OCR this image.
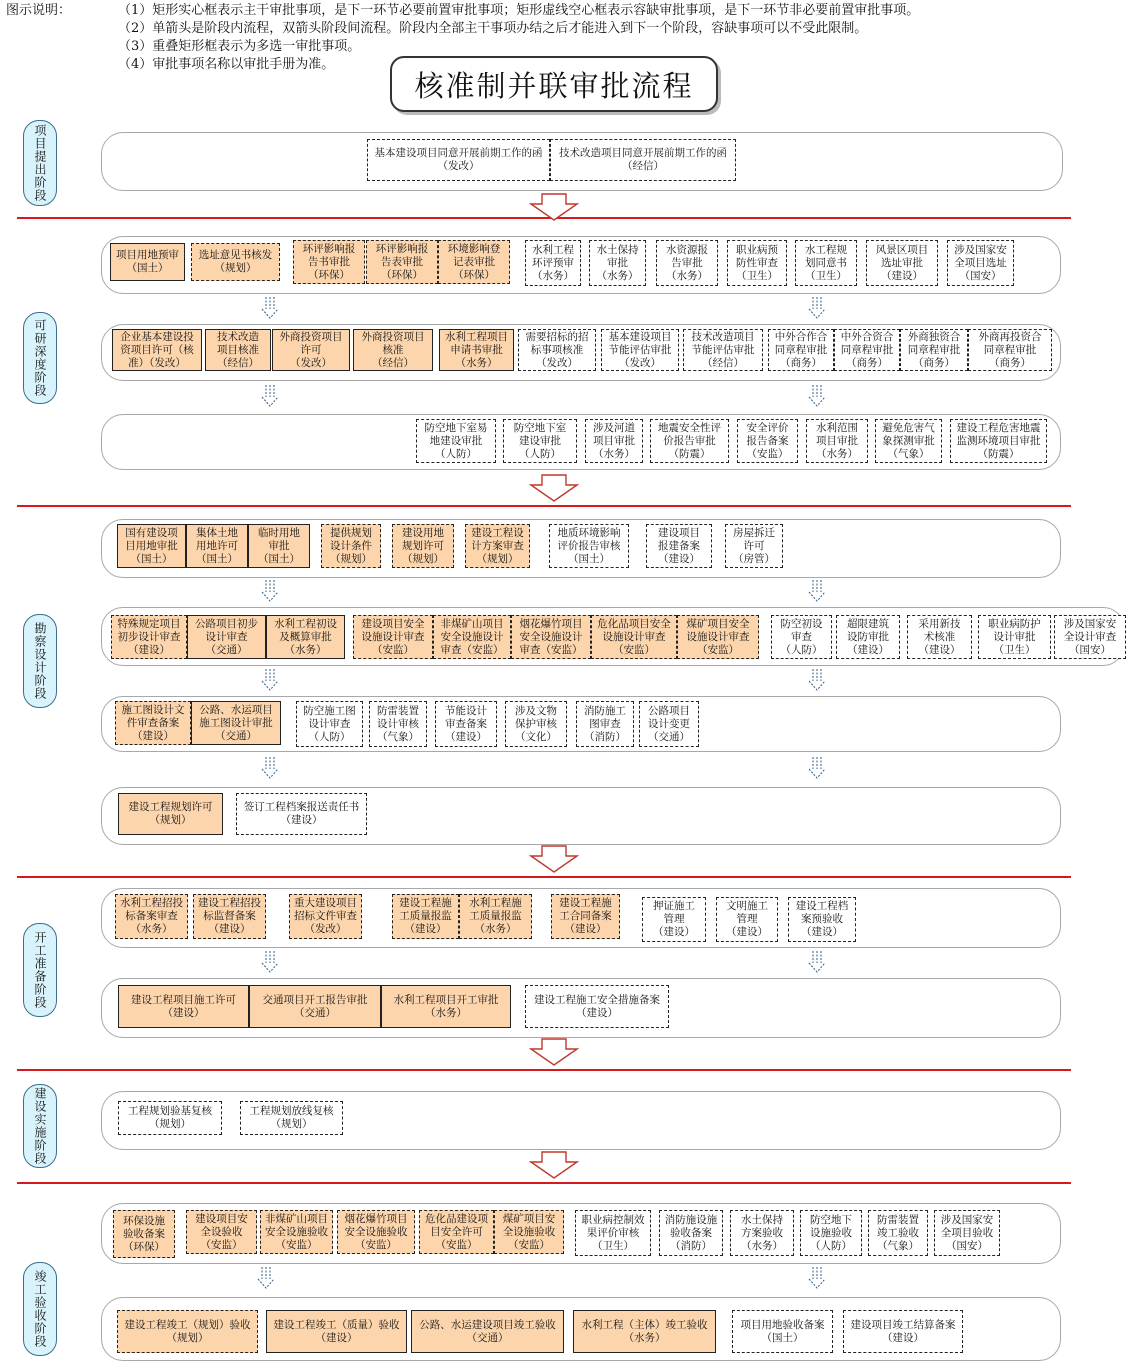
图示说明：	（1）矩形实心框表示主干审批事项，是下一环节必要前置审批事项；矩形虚线空心框表示容缺审批事项，是下一环节非必要前置审批事项。
（2）单箭头是阶段内流程，双箭头阶段间流程。阶段内全部主干事项办结之后才能进入到下一个阶段，容缺事项可以不受此限制。
（3）重叠矩形框表示为多选一审批事项。
（4）审批事项名称以审批手册为准。
核准制并联审批流程
项目提出阶段
可研深度阶段
勘察设计阶段
开工准备阶段
建设实施阶段
竣工验收阶段
基本建设项目同意开展前期工作的函
（发改）
技术改造项目同意开展前期工作的函
（经信）
项目用地预审
（国土）
选址意见书核发
（规划）
环评影响报
告书审批
（环保）
环评影响报
告表审批
（环保）
环境影响登
记表审批
（环保）
水利工程
环评预审
（水务）
水土保持
审批
（水务）
水资源报
告审批
（水务）
职业病预
防性审查
（卫生）
水工程规
划同意书
（卫生）
风景区项目
选址审批
（建设）
涉及国家安
全项目选址
（国安）
企业基本建设投
资项目许可（核
准）（发改）
技术改造
项目核准
（经信）
外商投资项目
许可
（发改）
外商投资项目
核准
（经信）
水利工程项目
申请书审批
（水务）
需要招标的招
标事项核准
（发改）
基本建设项目
节能评估审批
（发改）
技术改造项目
节能评估审批
（经信）
中外合作合
同章程审批
（商务）
中外合资合
同章程审批
（商务）
外商独资合
同章程审批
（商务）
外商再投资合
同章程审批
（商务）
防空地下室易
地建设审批
（人防）
防空地下室
建设审批
（人防）
涉及河道
项目审批
（水务）
地震安全性评
价报告审批
（防震）
安全评价
报告备案
（安监）
水利范围
项目审批
（水务）
避免危害气
象探测审批
（气象）
建设工程危害地震
监测环境项目审批
（防震）
国有建设项
目用地审批
（国土）
集体土地
用地许可
（国土）
临时用地
审批
（国土）
提供规划
设计条件
（规划）
建设用地
规划许可
（规划）
建设工程设
计方案审查
（规划）
地质环境影响
评价报告审核
（国土）
建设项目
报建备案
（建设）
房屋拆迁
许可
（房管）
特殊规定项目
初步设计审查
（建设）
公路项目初步
设计审查
（交通）
水利工程初设
及概算审批
（水务）
建设项目安全
设施设计审查
（安监）
非煤矿山项目
安全设施设计
审查（安监）
烟花爆竹项目
安全设施设计
审查（安监）
危化品项目安全
设施设计审查
（安监）
煤矿项目安全
设施设计审查
（安监）
防空初设
审查
（人防）
超限建筑
设防审批
（建设）
采用新技
术核准
（建设）
职业病防护
设计审批
（卫生）
涉及国家安
全设计审查
（国安）
施工图设计文
件审查备案
（建设）
公路、水运项目
施工图设计审批
（交通）
防空施工图
设计审查
（人防）
防雷装置
设计审核
（气象）
节能设计
审查备案
（建设）
涉及文物
保护审核
（文化）
消防施工
图审查
（消防）
公路项目
设计变更
（交通）
建设工程规划许可
（规划）
签订工程档案报送责任书
（建设）
水利工程招投
标备案审查
（水务）
建设工程招投
标监督备案
（建设）
重大建设项目
招标文件审查
（发改）
建设工程施
工质量报监
（建设）
水利工程施
工质量报监
（水务）
建设工程施
工合同备案
（建设）
押证施工
管理
（建设）
文明施工
管理
（建设）
建设工程档
案预验收
（建设）
建设工程项目施工许可
（建设）
交通项目开工报告审批
（交通）
水利工程项目开工审批
（水务）
建设工程施工安全措施备案
（建设）
工程规划验基复核
（规划）
工程规划放线复核
（规划）
环保设施
验收备案
（环保）
建设项目安
全设验收
（安监）
非煤矿山项目
安全设施验收
（安监）
烟花爆竹项目
安全设施验收
（安监）
危化品建设项
目安全许可
（安监）
煤矿项目安
全设施验收
（安监）
职业病控制效
果评价审核
（卫生）
消防施设施
验收备案
（消防）
水土保持
方案验收
（水务）
防空地下
设施验收
（人防）
防雷装置
竣工验收
（气象）
涉及国家安
全项目验收
（国安）
建设工程竣工（规划）验收
（规划）
建设工程竣工（质量）验收
（建设）
公路、水运建设项目竣工验收
（交通）
水利工程（主体）竣工验收
（水务）
项目用地验收备案
（国土）
建设项目竣工结算备案
（建设）
